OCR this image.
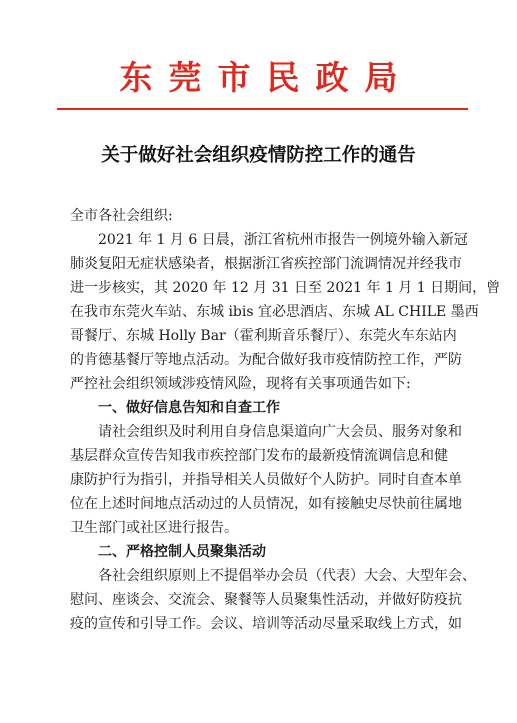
东莞市民政局
关于做好社会组织疫情防控工作的通告

全市各社会组织:

2021 年 1 月 6 日晨，浙江省杭州市报告一例境外输入新冠
肺炎复阳无症状感染者，根据浙江省疾控部门流调情况并经我市
进一步核实，其 2020 年 12 月 31 日至 2021 年 1 月 1 日期间，曾
在我市东莞火车站、东城 ibis 宜必思酒店、东城 AL CHILE 墨西
哥餐厅、东城 Holly Bar（霍利斯音乐餐厅）、东莞火车东站内
的肯德基餐厅等地点活动。为配合做好我市疫情防控工作，严防
严控社会组织领域涉疫情风险，现将有关事项通告如下:

一、做好信息告知和自查工作

请社会组织及时利用自身信息渠道向广大会员、服务对象和
基层群众宣传告知我市疾控部门发布的最新疫情流调信息和健
康防护行为指引，并指导相关人员做好个人防护。同时自查本单
位在上述时间地点活动过的人员情况，如有接触史尽快前往属地
卫生部门或社区进行报告。

二、严格控制人员聚集活动

各社会组织原则上不提倡举办会员（代表）大会、大型年会、
慰问、座谈会、交流会、聚餐等人员聚集性活动，并做好防疫抗
疫的宣传和引导工作。会议、培训等活动尽量采取线上方式，如
